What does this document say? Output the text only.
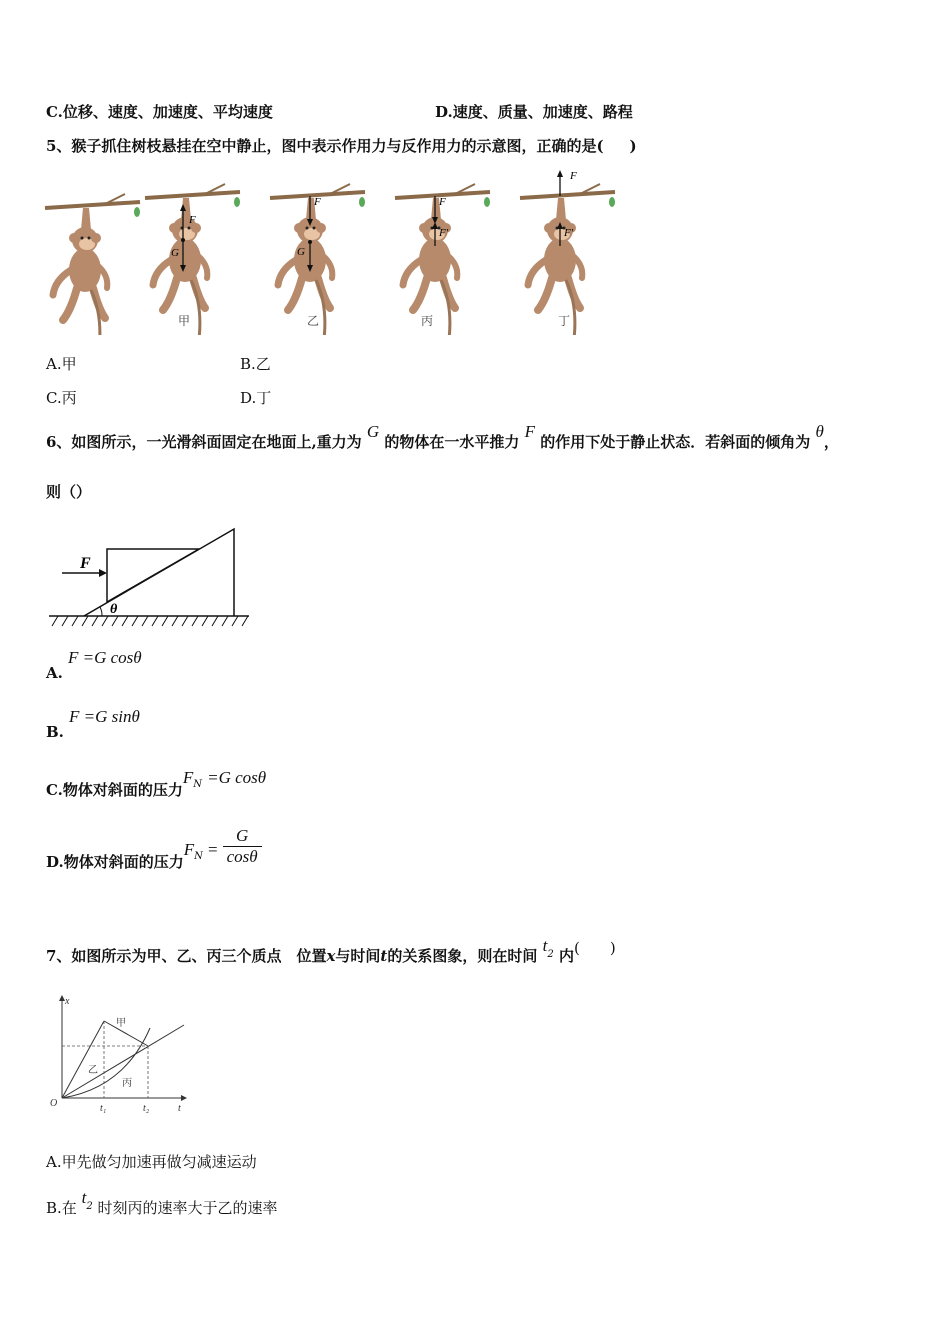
C.位移、速度、加速度、平均速度	D.速度、质量、加速度、路程
5、猴子抓住树枝悬挂在空中静止，图中表示作用力与反作用力的示意图，正确的是( )
F
G
F
G
F
F'
F
F'
甲	乙	丙	丁
A.甲	B.乙
C.丙	D.丁
6、如图所示，一光滑斜面固定在地面上,重力为 G 的物体在一水平推力 F 的作用下处于静止状态．若斜面的倾角为 θ，
则（）
F
θ
A. F =G cosθ
B. F =G sinθ
C.物体对斜面的压力$F_N =G$ cosθ
D.物体对斜面的压力$F_N = \frac{G}{\cos\theta}$
7、如图所示为甲、乙、丙三个质点　位置x与时间t的关系图象，则在时间 $t^2$ 内(　　)
x
t
O	t₁	t₂
甲
乙
丙
A.甲先做匀加速再做匀减速运动
B.在 $t^2$ 时刻丙的速率大于乙的速率
